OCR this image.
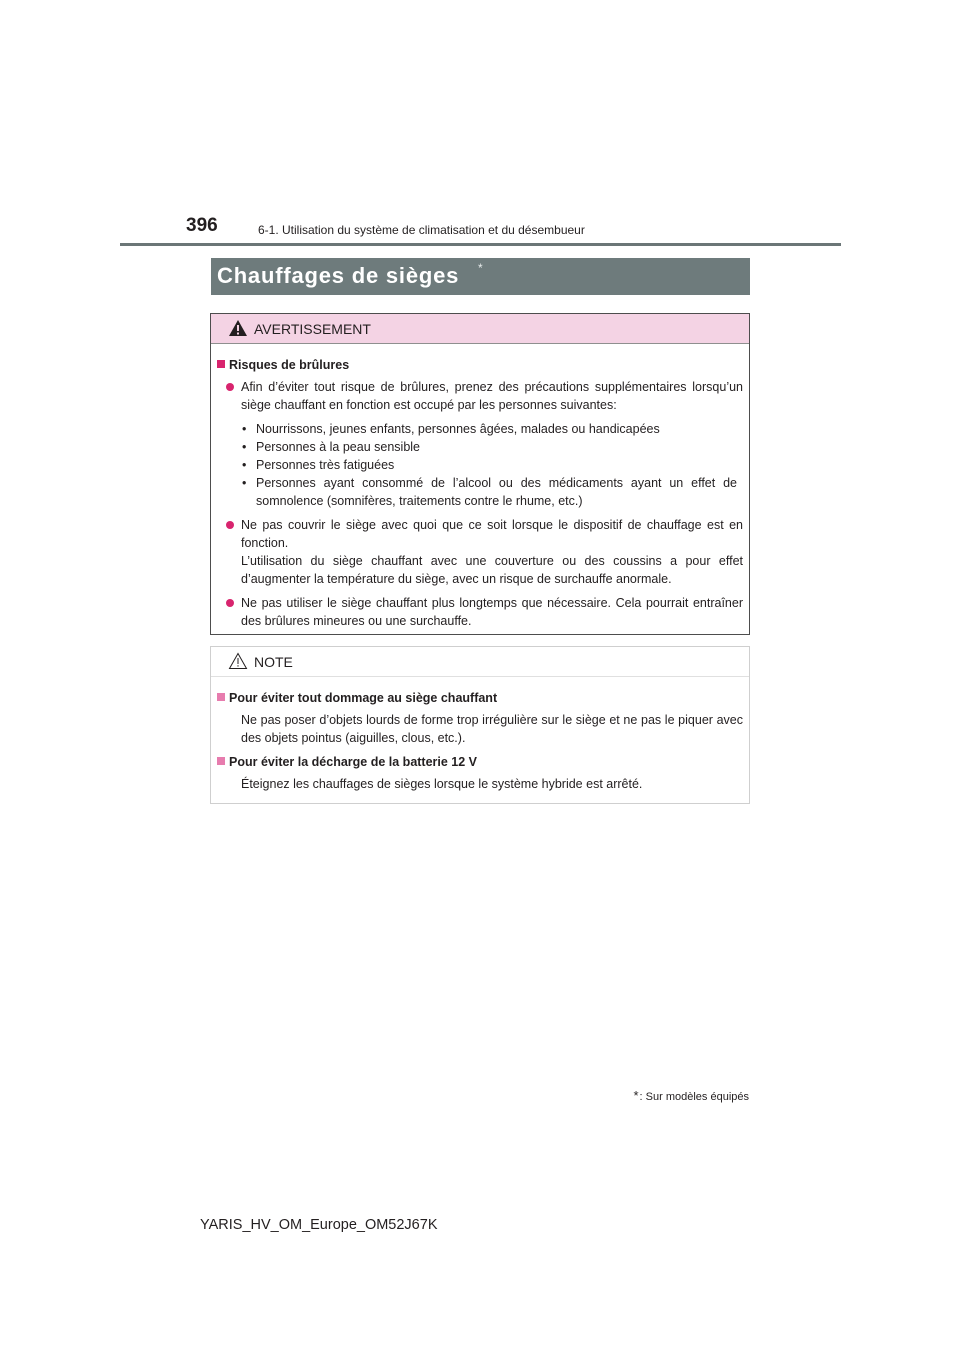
396	6-1. Utilisation du système de climatisation et du désembueur
Chauffages de sièges *
AVERTISSEMENT
Risques de brûlures

Afin d’éviter tout risque de brûlures, prenez des précautions supplémentaires lorsqu’un siège chauffant en fonction est occupé par les personnes suivantes:

• Nourrissons, jeunes enfants, personnes âgées, malades ou handicapées
• Personnes à la peau sensible
• Personnes très fatiguées
• Personnes ayant consommé de l’alcool ou des médicaments ayant un effet de somnolence (somnifères, traitements contre le rhume, etc.)

Ne pas couvrir le siège avec quoi que ce soit lorsque le dispositif de chauffage est en fonction.

L’utilisation du siège chauffant avec une couverture ou des coussins a pour effet d’augmenter la température du siège, avec un risque de surchauffe anormale.

Ne pas utiliser le siège chauffant plus longtemps que nécessaire. Cela pourrait entraîner des brûlures mineures ou une surchauffe.

NOTE
Pour éviter tout dommage au siège chauffant

Ne pas poser d’objets lourds de forme trop irrégulière sur le siège et ne pas le piquer avec des objets pointus (aiguilles, clous, etc.).

Pour éviter la décharge de la batterie 12 V

Éteignez les chauffages de sièges lorsque le système hybride est arrêté.

*: Sur modèles équipés
YARIS_HV_OM_Europe_OM52J67K
